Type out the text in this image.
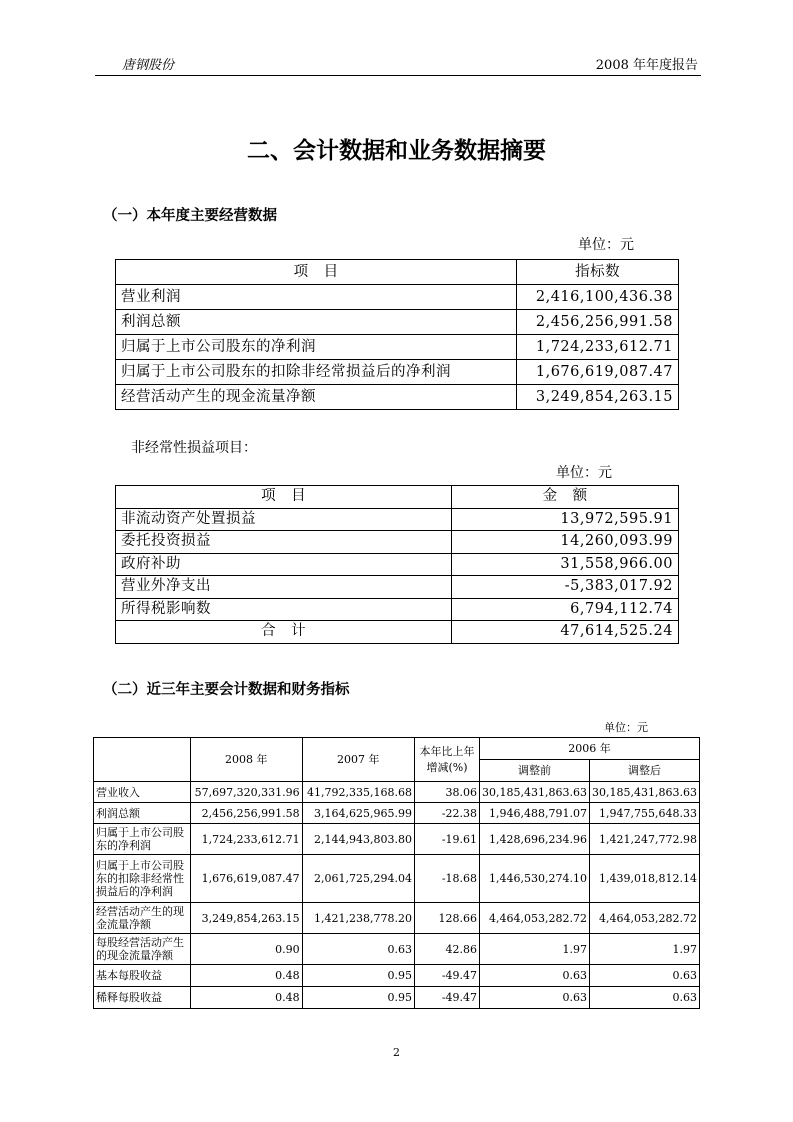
唐钢股份	2008 年年度报告
二、会计数据和业务数据摘要
（一）本年度主要经营数据
单位：元
项　目	指标数
营业利润	2,416,100,436.38
利润总额	2,456,256,991.58
归属于上市公司股东的净利润	1,724,233,612.71
归属于上市公司股东的扣除非经常损益后的净利润	1,676,619,087.47
经营活动产生的现金流量净额	3,249,854,263.15
非经常性损益项目：
单位：元
项　目	金　额
非流动资产处置损益	13,972,595.91
委托投资损益	14,260,093.99
政府补助	31,558,966.00
营业外净支出	-5,383,017.92
所得税影响数	6,794,112.74
合　计	47,614,525.24
（二）近三年主要会计数据和财务指标
单位：元
	2008 年	2007 年	本年比上年增减(%)	2006 年	
				调整前	调整后
营业收入	57,697,320,331.96	41,792,335,168.68	38.06	30,185,431,863.63	30,185,431,863.63
利润总额	2,456,256,991.58	3,164,625,965.99	-22.38	1,946,488,791.07	1,947,755,648.33
归属于上市公司股东的净利润	1,724,233,612.71	2,144,943,803.80	-19.61	1,428,696,234.96	1,421,247,772.98
归属于上市公司股东的扣除非经常性损益后的净利润	1,676,619,087.47	2,061,725,294.04	-18.68	1,446,530,274.10	1,439,018,812.14
经营活动产生的现金流量净额	3,249,854,263.15	1,421,238,778.20	128.66	4,464,053,282.72	4,464,053,282.72
每股经营活动产生的现金流量净额	0.90	0.63	42.86	1.97	1.97
基本每股收益	0.48	0.95	-49.47	0.63	0.63
稀释每股收益	0.48	0.95	-49.47	0.63	0.63
2
